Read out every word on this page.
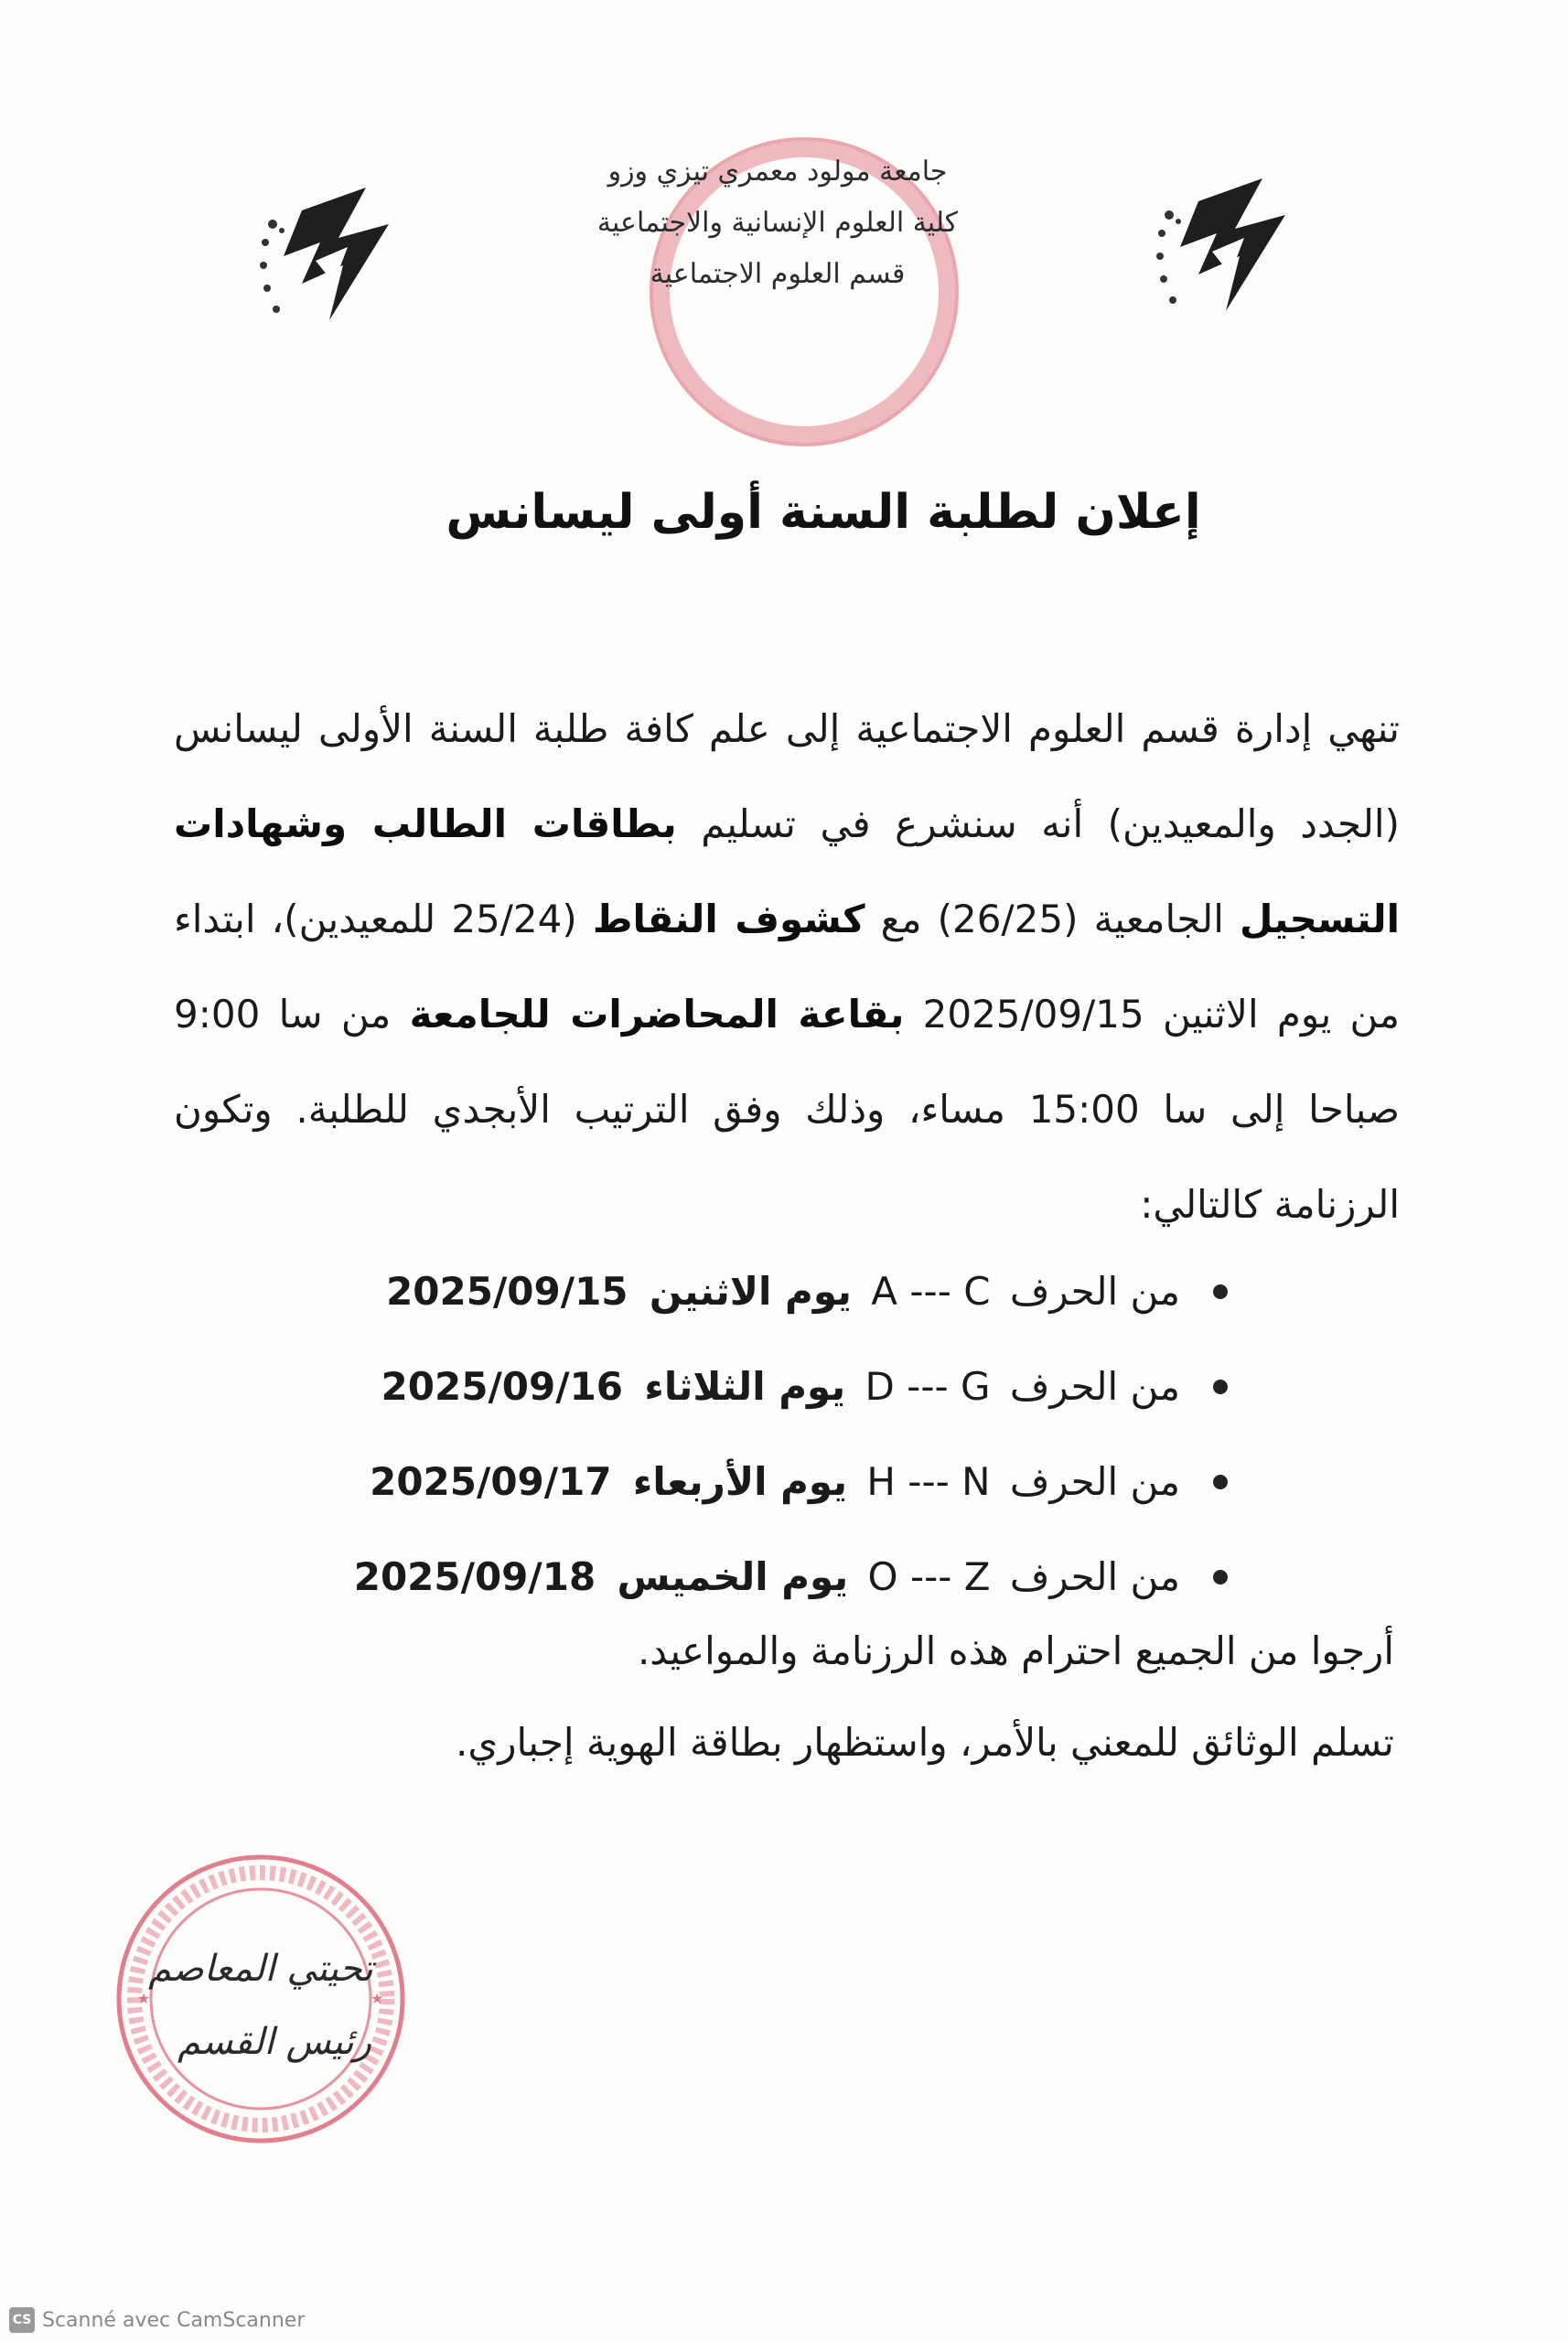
جامعة مولود معمري تيزي وزو
كلية العلوم الإنسانية والاجتماعية
قسم العلوم الاجتماعية
إعلان لطلبة السنة أولى ليسانس
تنهي إدارة قسم العلوم الاجتماعية إلى علم كافة طلبة السنة الأولى ليسانس (الجدد والمعيدين) أنه سنشرع في تسليم بطاقات الطالب وشهادات التسجيل الجامعية (26/25) مع كشوف النقاط (25/24 للمعيدين)، ابتداء من يوم الاثنين 2025/09/15 بقاعة المحاضرات للجامعة من سا 9:00 صباحا إلى سا 15:00 مساء، وذلك وفق الترتيب الأبجدي للطلبة. وتكون الرزنامة كالتالي:
من الحرف A --- C يوم الاثنين 2025/09/15
من الحرف D --- G يوم الثلاثاء 2025/09/16
من الحرف H --- N يوم الأربعاء 2025/09/17
من الحرف O --- Z يوم الخميس 2025/09/18
أرجوا من الجميع احترام هذه الرزنامة والمواعيد.
تسلم الوثائق للمعني بالأمر، واستظهار بطاقة الهوية إجباري.
★	★
تحيتي المعاصم
رئيس القسم
CS Scanné avec CamScanner
